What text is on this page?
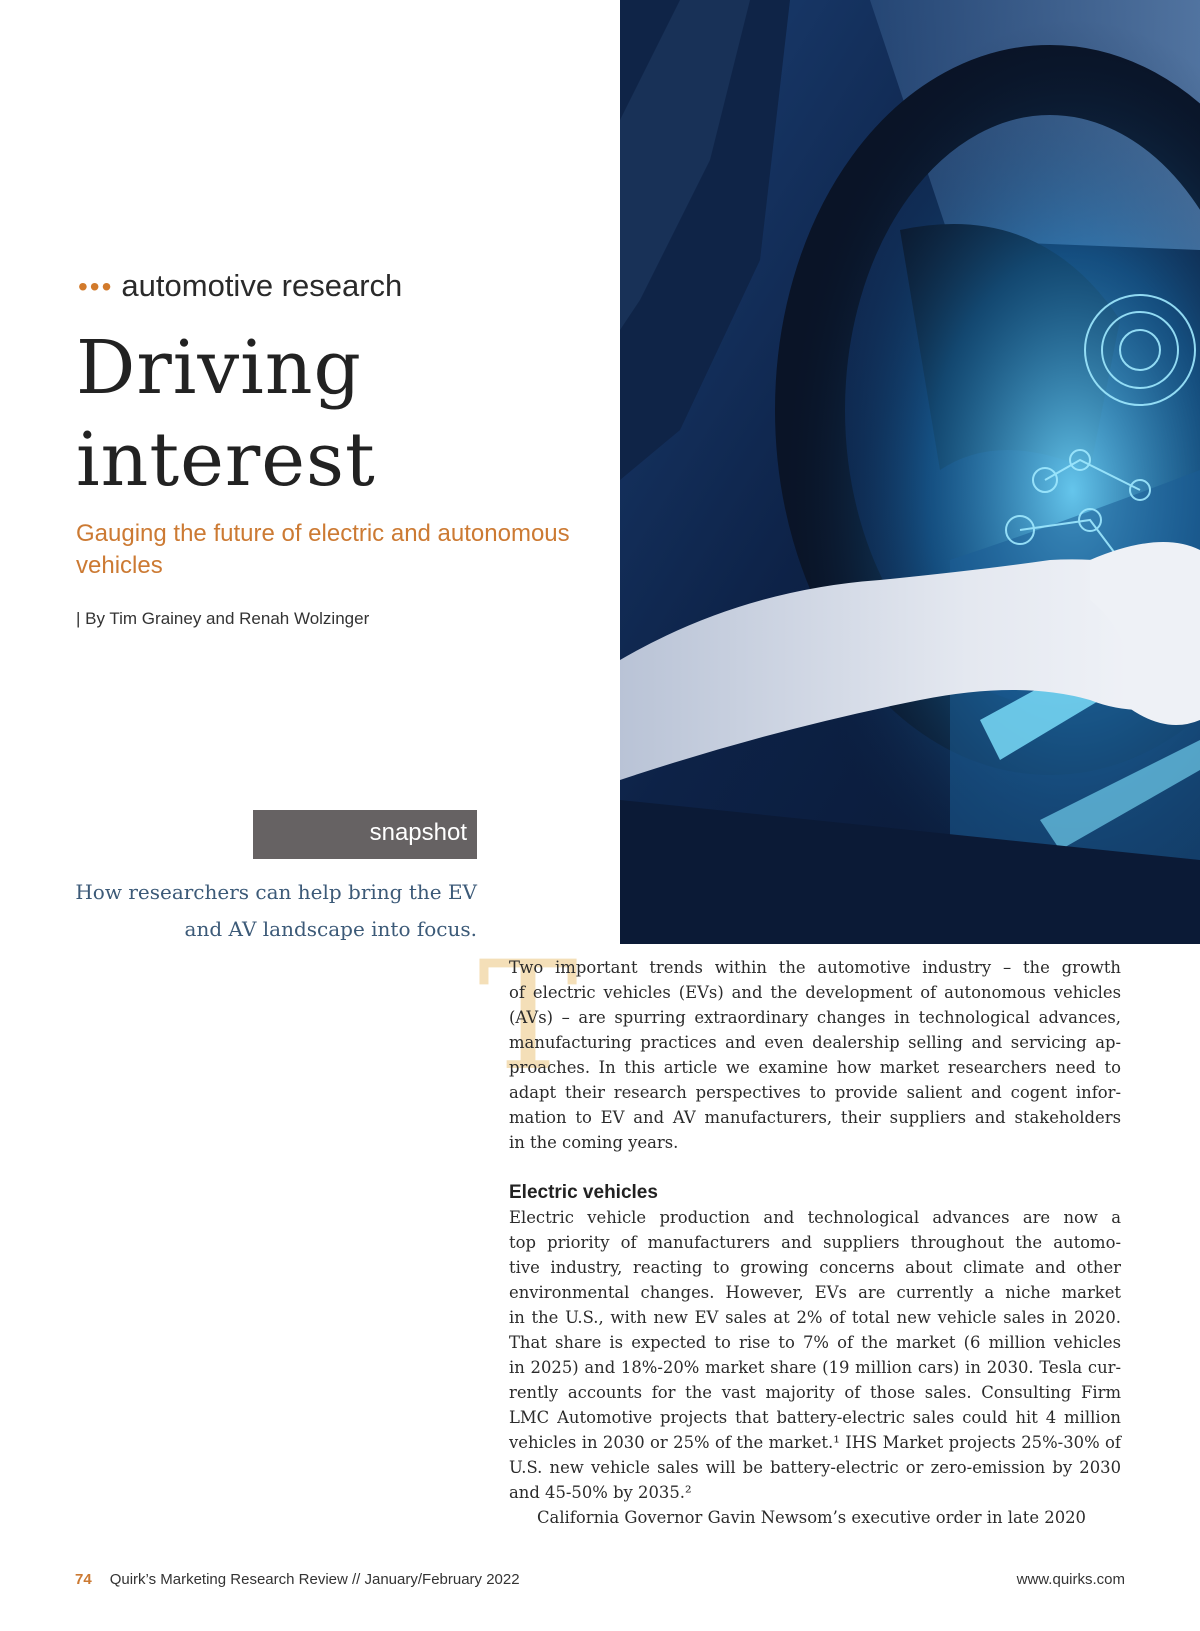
••• automotive research
Driving
interest
Gauging the future of electric and autonomous vehicles
| By Tim Grainey and Renah Wolzinger
snapshot
How researchers can help bring the EV
and AV landscape into focus.
T

Two important trends within the automotive industry – the growth
of electric vehicles (EVs) and the development of autonomous vehicles
(AVs) – are spurring extraordinary changes in technological advances,
manufacturing practices and even dealership selling and servicing ap-
proaches. In this article we examine how market researchers need to
adapt their research perspectives to provide salient and cogent infor-
mation to EV and AV manufacturers, their suppliers and stakeholders
in the coming years.

Electric vehicles

Electric vehicle production and technological advances are now a
top priority of manufacturers and suppliers throughout the automo-
tive industry, reacting to growing concerns about climate and other
environmental changes. However, EVs are currently a niche market
in the U.S., with new EV sales at 2% of total new vehicle sales in 2020.
That share is expected to rise to 7% of the market (6 million vehicles
in 2025) and 18%-20% market share (19 million cars) in 2030. Tesla cur-
rently accounts for the vast majority of those sales. Consulting Firm
LMC Automotive projects that battery-electric sales could hit 4 million
vehicles in 2030 or 25% of the market.¹ IHS Market projects 25%-30% of
U.S. new vehicle sales will be battery-electric or zero-emission by 2030
and 45-50% by 2035.²
California Governor Gavin Newsom’s executive order in late 2020

74 Quirk’s Marketing Research Review // January/February 2022	www.quirks.com
